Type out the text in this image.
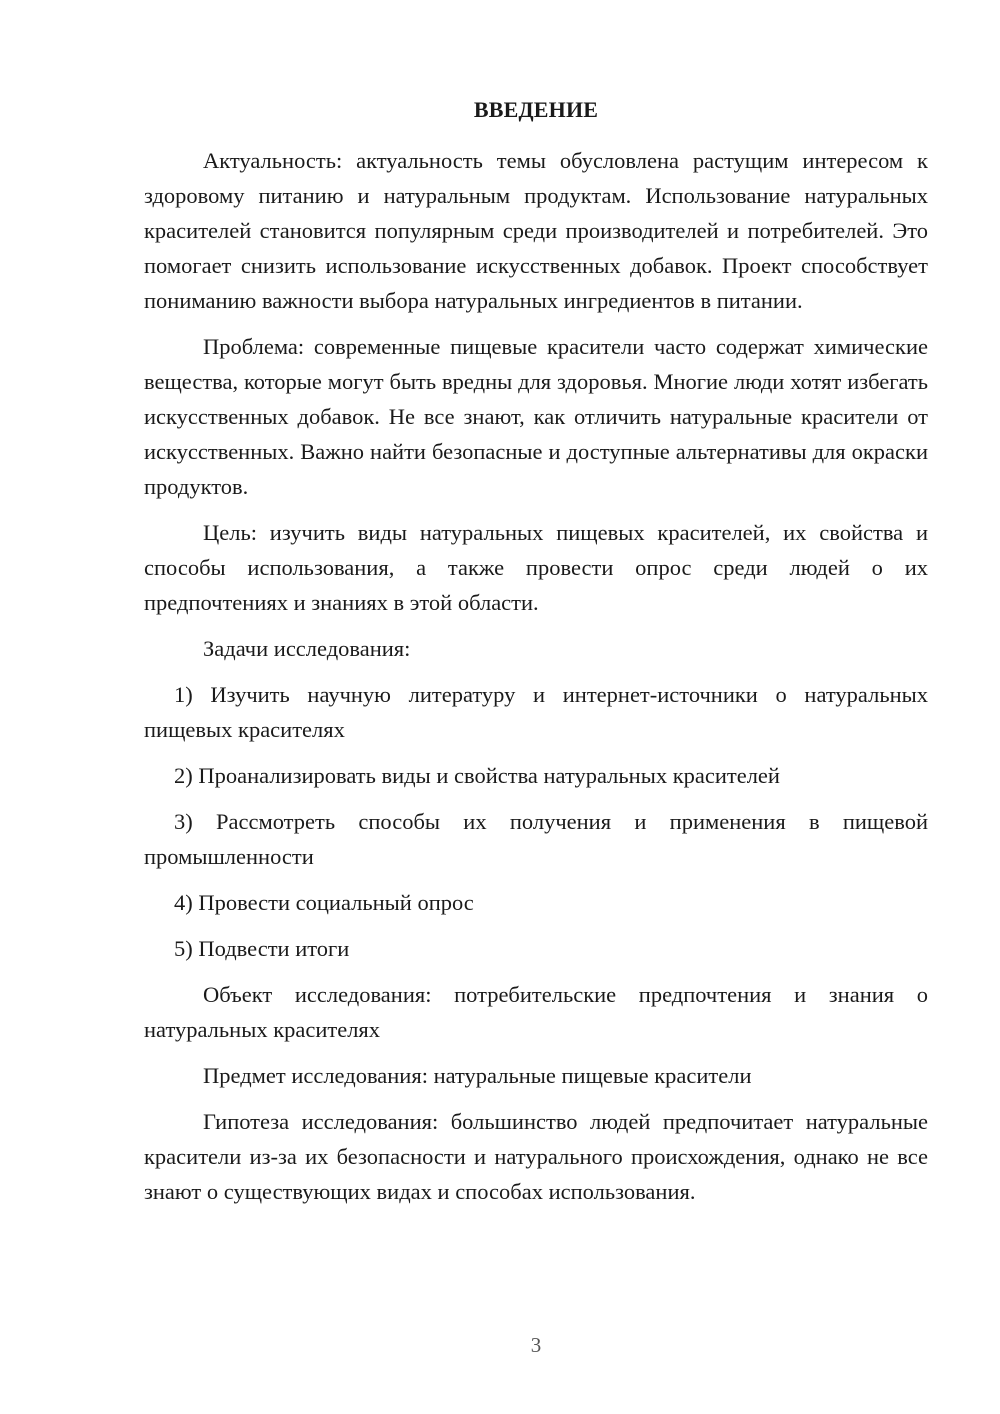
ВВЕДЕНИЕ

Актуальность: актуальность темы обусловлена растущим интересом к здоровому питанию и натуральным продуктам. Использование натуральных красителей становится популярным среди производителей и потребителей. Это помогает снизить использование искусственных добавок. Проект способствует пониманию важности выбора натуральных ингредиентов в питании.

Проблема: современные пищевые красители часто содержат химические вещества, которые могут быть вредны для здоровья. Многие люди хотят избегать искусственных добавок. Не все знают, как отличить натуральные красители от искусственных. Важно найти безопасные и доступные альтернативы для окраски продуктов.

Цель: изучить виды натуральных пищевых красителей, их свойства и способы использования, а также провести опрос среди людей о их предпочтениях и знаниях в этой области.

Задачи исследования:

1) Изучить научную литературу и интернет-источники о натуральных пищевых красителях

2) Проанализировать виды и свойства натуральных красителей

3) Рассмотреть способы их получения и применения в пищевой промышленности

4) Провести социальный опрос

5) Подвести итоги

Объект исследования: потребительские предпочтения и знания о натуральных красителях

Предмет исследования: натуральные пищевые красители

Гипотеза исследования: большинство людей предпочитает натуральные красители из-за их безопасности и натурального происхождения, однако не все знают о существующих видах и способах использования.

3
